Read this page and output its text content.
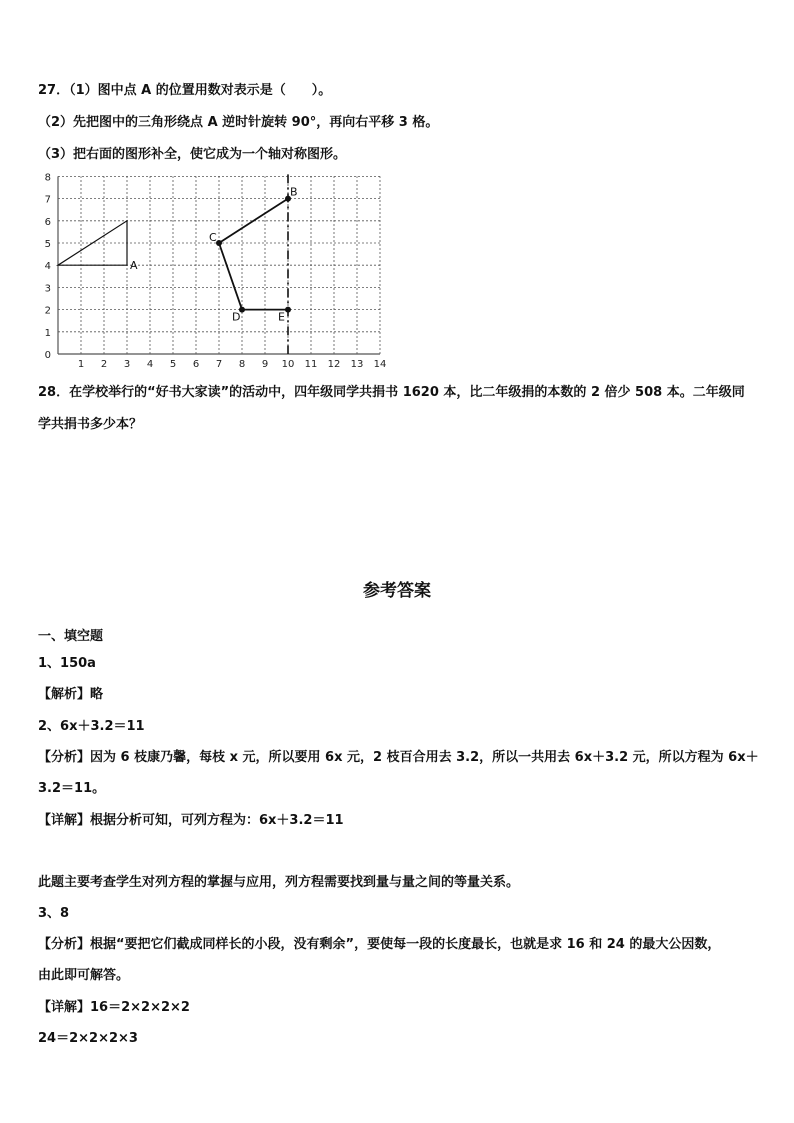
27．（1）图中点 A 的位置用数对表示是（　　）。
（2）先把图中的三角形绕点 A 逆时针旋转 90°，再向右平移 3 格。
（3）把右面的图形补全，使它成为一个轴对称图形。
1 2 3 4 5 6 7 8 9 10 11 12 13 14
0
1
2
3
4
5
6
7
8
A
B
C
D	E
28．在学校举行的“好书大家读”的活动中，四年级同学共捐书 1620 本，比二年级捐的本数的 2 倍少 508 本。二年级同
学共捐书多少本？
参考答案
一、填空题
1、150a
【解析】略
2、6x＋3.2＝11
【分析】因为 6 枝康乃馨，每枝 x 元，所以要用 6x 元，2 枝百合用去 3.2，所以一共用去 6x＋3.2 元，所以方程为 6x＋
3.2＝11。
【详解】根据分析可知，可列方程为：6x＋3.2＝11
此题主要考查学生对列方程的掌握与应用，列方程需要找到量与量之间的等量关系。
3、8
【分析】根据“要把它们截成同样长的小段，没有剩余”，要使每一段的长度最长，也就是求 16 和 24 的最大公因数，
由此即可解答。
【详解】16＝2×2×2×2
24＝2×2×2×3
